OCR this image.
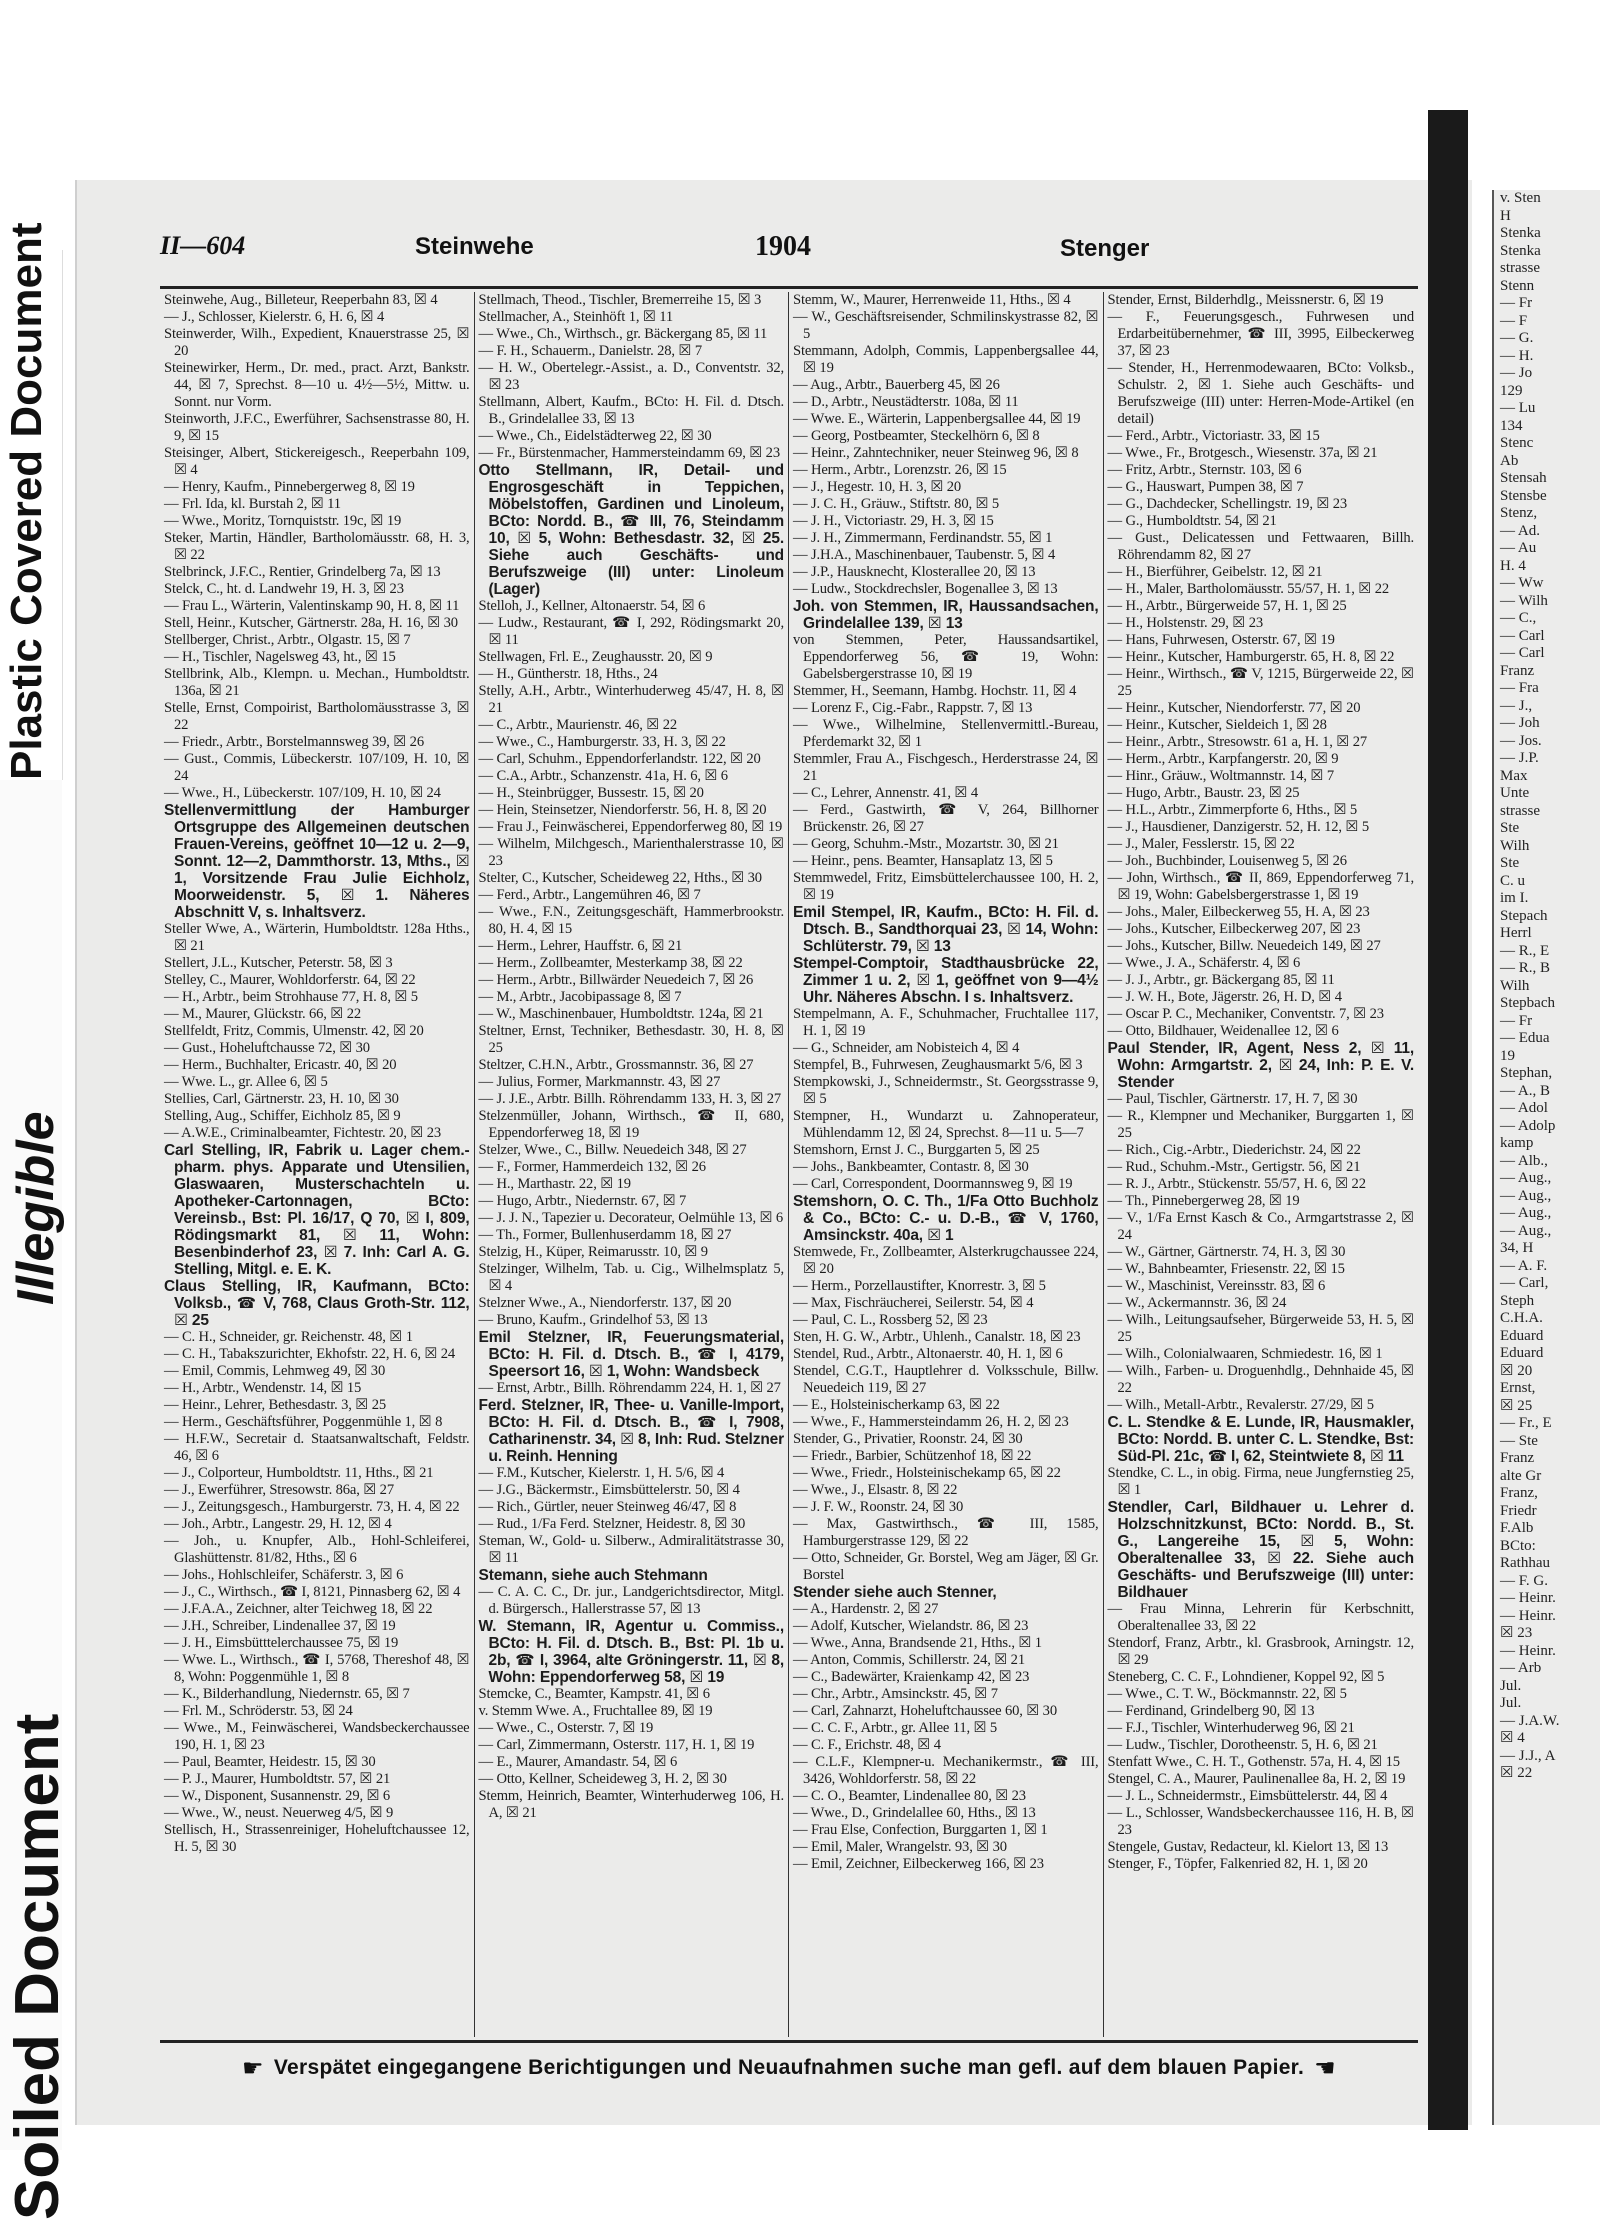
Plastic Covered Document
Illegible
Soiled Document
v. Sten
H
Stenka
Stenka
strasse
Stenn
— Fr
— F
— G.
— H.
— Jo
129
— Lu
134
Stenc
Ab
Stensah
Stensbe
Stenz,
— Ad.
— Au
H. 4
— Ww
— Wilh
— C.,
— Carl
— Carl
Franz
— Fra
— J.,
— Joh
— Jos.
— J.P.
Max
Unte
strasse
Ste
Wilh
Ste
C. u
im I.
Stepach
Herrl
— R., E
— R., B
Wilh
Stepbach
— Fr
— Edua
19
Stephan,
— A., B
— Adol
— Adolp
kamp
— Alb.,
— Aug.,
— Aug.,
— Aug.,
— Aug.,
34, H
— A. F.
— Carl,
Steph
C.H.A.
Eduard
Eduard
☒ 20
Ernst,
☒ 25
— Fr., E
— Ste
Franz
alte Gr
Franz,
Friedr
F.Alb
BCto:
Rathhau
— F. G.
— Heinr.
— Heinr.
☒ 23
— Heinr.
— Arb
Jul.
Jul.
— J.A.W.
☒ 4
— J.J., A
☒ 22
II—604	Steinwehe	1904	Stenger

Steinwehe, Aug., Billeteur, Reeperbahn 83, ☒ 4

— J., Schlosser, Kielerstr. 6, H. 6, ☒ 4

Steinwerder, Wilh., Expedient, Knauerstrasse 25, ☒ 20

Steinewirker, Herm., Dr. med., pract. Arzt, Bankstr. 44, ☒ 7, Sprechst. 8—10 u. 4½—5½, Mittw. u. Sonnt. nur Vorm.

Steinworth, J.F.C., Ewerführer, Sachsenstrasse 80, H. 9, ☒ 15

Steisinger, Albert, Stickereigesch., Reeperbahn 109, ☒ 4

— Henry, Kaufm., Pinnebergerweg 8, ☒ 19

— Frl. Ida, kl. Burstah 2, ☒ 11

— Wwe., Moritz, Tornquiststr. 19c, ☒ 19

Steker, Martin, Händler, Bartholomäusstr. 68, H. 3, ☒ 22

Stelbrinck, J.F.C., Rentier, Grindelberg 7a, ☒ 13

Stelck, C., ht. d. Landwehr 19, H. 3, ☒ 23

— Frau L., Wärterin, Valentinskamp 90, H. 8, ☒ 11

Stell, Heinr., Kutscher, Gärtnerstr. 28a, H. 16, ☒ 30

Stellberger, Christ., Arbtr., Olgastr. 15, ☒ 7

— H., Tischler, Nagelsweg 43, ht., ☒ 15

Stellbrink, Alb., Klempn. u. Mechan., Humboldtstr. 136a, ☒ 21

Stelle, Ernst, Compoirist, Bartholomäusstrasse 3, ☒ 22

— Friedr., Arbtr., Borstelmannsweg 39, ☒ 26

— Gust., Commis, Lübeckerstr. 107/109, H. 10, ☒ 24

— Wwe., H., Lübeckerstr. 107/109, H. 10, ☒ 24

Stellenvermittlung der Hamburger Ortsgruppe des Allgemeinen deutschen Frauen-Vereins, geöffnet 10—12 u. 2—9, Sonnt. 12—2, Dammthorstr. 13, Mths., ☒ 1, Vorsitzende Frau Julie Eichholz, Moorweidenstr. 5, ☒ 1. Näheres Abschnitt V, s. Inhaltsverz.

Steller Wwe, A., Wärterin, Humboldtstr. 128a Hths., ☒ 21

Stellert, J.L., Kutscher, Peterstr. 58, ☒ 3

Stelley, C., Maurer, Wohldorferstr. 64, ☒ 22

— H., Arbtr., beim Strohhause 77, H. 8, ☒ 5

— M., Maurer, Glückstr. 66, ☒ 22

Stellfeldt, Fritz, Commis, Ulmenstr. 42, ☒ 20

— Gust., Hoheluftchausse 72, ☒ 30

— Herm., Buchhalter, Ericastr. 40, ☒ 20

— Wwe. L., gr. Allee 6, ☒ 5

Stellies, Carl, Gärtnerstr. 23, H. 10, ☒ 30

Stelling, Aug., Schiffer, Eichholz 85, ☒ 9

— A.W.E., Criminalbeamter, Fichtestr. 20, ☒ 23

Carl Stelling, IR, Fabrik u. Lager chem.-pharm. phys. Apparate und Utensilien, Glaswaaren, Musterschachteln u. Apotheker-Cartonnagen, BCto: Vereinsb., Bst: Pl. 16/17, Q 70, ☒ I, 809, Rödingsmarkt 81, ☒ 11, Wohn: Besenbinderhof 23, ☒ 7. Inh: Carl A. G. Stelling, Mitgl. e. E. K.

Claus Stelling, IR, Kaufmann, BCto: Volksb., ☎ V, 768, Claus Groth-Str. 112, ☒ 25

— C. H., Schneider, gr. Reichenstr. 48, ☒ 1

— C. H., Tabakszurichter, Ekhofstr. 22, H. 6, ☒ 24

— Emil, Commis, Lehmweg 49, ☒ 30

— H., Arbtr., Wendenstr. 14, ☒ 15

— Heinr., Lehrer, Bethesdastr. 3, ☒ 25

— Herm., Geschäftsführer, Poggenmühle 1, ☒ 8

— H.F.W., Secretair d. Staatsanwaltschaft, Feldstr. 46, ☒ 6

— J., Colporteur, Humboldtstr. 11, Hths., ☒ 21

— J., Ewerführer, Stresowstr. 86a, ☒ 27

— J., Zeitungsgesch., Hamburgerstr. 73, H. 4, ☒ 22

— Joh., Arbtr., Langestr. 29, H. 12, ☒ 4

— Joh., u. Knupfer, Alb., Hohl-Schleiferei, Glashüttenstr. 81/82, Hths., ☒ 6

— Johs., Hohlschleifer, Schäferstr. 3, ☒ 6

— J., C., Wirthsch., ☎ I, 8121, Pinnasberg 62, ☒ 4

— J.F.A.A., Zeichner, alter Teichweg 18, ☒ 22

— J.H., Schreiber, Lindenallee 37, ☒ 19

— J. H., Eimsbütttelerchaussee 75, ☒ 19

— Wwe. L., Wirthsch., ☎ I, 5768, Thereshof 48, ☒ 8, Wohn: Poggenmühle 1, ☒ 8

— K., Bilderhandlung, Niedernstr. 65, ☒ 7

— Frl. M., Schröderstr. 53, ☒ 24

— Wwe., M., Feinwäscherei, Wandsbeckerchaussee 190, H. 1, ☒ 23

— Paul, Beamter, Heidestr. 15, ☒ 30

— P. J., Maurer, Humboldtstr. 57, ☒ 21

— W., Disponent, Susannenstr. 29, ☒ 6

— Wwe., W., neust. Neuerweg 4/5, ☒ 9

Stellisch, H., Strassenreiniger, Hoheluftchaussee 12, H. 5, ☒ 30

Stellmach, Theod., Tischler, Bremerreihe 15, ☒ 3

Stellmacher, A., Steinhöft 1, ☒ 11

— Wwe., Ch., Wirthsch., gr. Bäckergang 85, ☒ 11

— F. H., Schauerm., Danielstr. 28, ☒ 7

— H. W., Obertelegr.-Assist., a. D., Conventstr. 32, ☒ 23

Stellmann, Albert, Kaufm., BCto: H. Fil. d. Dtsch. B., Grindelallee 33, ☒ 13

— Wwe., Ch., Eidelstädterweg 22, ☒ 30

— Fr., Bürstenmacher, Hammersteindamm 69, ☒ 23

Otto Stellmann, IR, Detail- und Engrosgeschäft in Teppichen, Möbelstoffen, Gardinen und Linoleum, BCto: Nordd. B., ☎ III, 76, Steindamm 10, ☒ 5, Wohn: Bethesdastr. 32, ☒ 25. Siehe auch Geschäfts- und Berufszweige (III) unter: Linoleum (Lager)

Stelloh, J., Kellner, Altonaerstr. 54, ☒ 6

— Ludw., Restaurant, ☎ I, 292, Rödingsmarkt 20, ☒ 11

Stellwagen, Frl. E., Zeughausstr. 20, ☒ 9

— H., Güntherstr. 18, Hths., 24

Stelly, A.H., Arbtr., Winterhuderweg 45/47, H. 8, ☒ 21

— C., Arbtr., Maurienstr. 46, ☒ 22

— Wwe., C., Hamburgerstr. 33, H. 3, ☒ 22

— Carl, Schuhm., Eppendorferlandstr. 122, ☒ 20

— C.A., Arbtr., Schanzenstr. 41a, H. 6, ☒ 6

— H., Steinbrügger, Bussestr. 15, ☒ 20

— Hein, Steinsetzer, Niendorferstr. 56, H. 8, ☒ 20

— Frau J., Feinwäscherei, Eppendorferweg 80, ☒ 19

— Wilhelm, Milchgesch., Marienthalerstrasse 10, ☒ 23

Stelter, C., Kutscher, Scheideweg 22, Hths., ☒ 30

— Ferd., Arbtr., Langemühren 46, ☒ 7

— Wwe., F.N., Zeitungsgeschäft, Hammerbrookstr. 80, H. 4, ☒ 15

— Herm., Lehrer, Hauffstr. 6, ☒ 21

— Herm., Zollbeamter, Mesterkamp 38, ☒ 22

— Herm., Arbtr., Billwärder Neuedeich 7, ☒ 26

— M., Arbtr., Jacobipassage 8, ☒ 7

— W., Maschinenbauer, Humboldtstr. 124a, ☒ 21

Steltner, Ernst, Techniker, Bethesdastr. 30, H. 8, ☒ 25

Steltzer, C.H.N., Arbtr., Grossmannstr. 36, ☒ 27

— Julius, Former, Markmannstr. 43, ☒ 27

— J. J.E., Arbtr. Billh. Röhrendamm 133, H. 3, ☒ 27

Stelzenmüller, Johann, Wirthsch., ☎ II, 680, Eppendorferweg 18, ☒ 19

Stelzer, Wwe., C., Billw. Neuedeich 348, ☒ 27

— F., Former, Hammerdeich 132, ☒ 26

— H., Marthastr. 22, ☒ 19

— Hugo, Arbtr., Niedernstr. 67, ☒ 7

— J. J. N., Tapezier u. Decorateur, Oelmühle 13, ☒ 6

— Th., Former, Bullenhuserdamm 18, ☒ 27

Stelzig, H., Küper, Reimarusstr. 10, ☒ 9

Stelzinger, Wilhelm, Tab. u. Cig., Wilhelmsplatz 5, ☒ 4

Stelzner Wwe., A., Niendorferstr. 137, ☒ 20

— Bruno, Kaufm., Grindelhof 53, ☒ 13

Emil Stelzner, IR, Feuerungsmaterial, BCto: H. Fil. d. Dtsch. B., ☎ I, 4179, Speersort 16, ☒ 1, Wohn: Wandsbeck

— Ernst, Arbtr., Billh. Röhrendamm 224, H. 1, ☒ 27

Ferd. Stelzner, IR, Thee- u. Vanille-Import, BCto: H. Fil. d. Dtsch. B., ☎ I, 7908, Catharinenstr. 34, ☒ 8, Inh: Rud. Stelzner u. Reinh. Henning

— F.M., Kutscher, Kielerstr. 1, H. 5/6, ☒ 4

— J.G., Bäckermstr., Eimsbüttelerstr. 50, ☒ 4

— Rich., Gürtler, neuer Steinweg 46/47, ☒ 8

— Rud., 1/Fa Ferd. Stelzner, Heidestr. 8, ☒ 30

Steman, W., Gold- u. Silberw., Admiralitätstrasse 30, ☒ 11

Stemann, siehe auch Stehmann

— C. A. C. C., Dr. jur., Landgerichtsdirector, Mitgl. d. Bürgersch., Hallerstrasse 57, ☒ 13

W. Stemann, IR, Agentur u. Commiss., BCto: H. Fil. d. Dtsch. B., Bst: Pl. 1b u. 2b, ☎ I, 3964, alte Gröningerstr. 11, ☒ 8, Wohn: Eppendorferweg 58, ☒ 19

Stemcke, C., Beamter, Kampstr. 41, ☒ 6

v. Stemm Wwe. A., Fruchtallee 89, ☒ 19

— Wwe., C., Osterstr. 7, ☒ 19

— Carl, Zimmermann, Osterstr. 117, H. 1, ☒ 19

— E., Maurer, Amandastr. 54, ☒ 6

— Otto, Kellner, Scheideweg 3, H. 2, ☒ 30

Stemm, Heinrich, Beamter, Winterhuderweg 106, H. A, ☒ 21

Stemm, W., Maurer, Herrenweide 11, Hths., ☒ 4

— W., Geschäftsreisender, Schmilinskystrasse 82, ☒ 5

Stemmann, Adolph, Commis, Lappenbergsallee 44, ☒ 19

— Aug., Arbtr., Bauerberg 45, ☒ 26

— D., Arbtr., Neustädterstr. 108a, ☒ 11

— Wwe. E., Wärterin, Lappenbergsallee 44, ☒ 19

— Georg, Postbeamter, Steckelhörn 6, ☒ 8

— Heinr., Zahntechniker, neuer Steinweg 96, ☒ 8

— Herm., Arbtr., Lorenzstr. 26, ☒ 15

— J., Hegestr. 10, H. 3, ☒ 20

— J. C. H., Gräuw., Stiftstr. 80, ☒ 5

— J. H., Victoriastr. 29, H. 3, ☒ 15

— J. H., Zimmermann, Ferdinandstr. 55, ☒ 1

— J.H.A., Maschinenbauer, Taubenstr. 5, ☒ 4

— J.P., Hausknecht, Klosterallee 20, ☒ 13

— Ludw., Stockdrechsler, Bogenallee 3, ☒ 13

Joh. von Stemmen, IR, Haussandsachen, Grindelallee 139, ☒ 13

von Stemmen, Peter, Haussandsartikel, Eppendorferweg 56, ☎ 19, Wohn: Gabelsbergerstrasse 10, ☒ 19

Stemmer, H., Seemann, Hambg. Hochstr. 11, ☒ 4

— Lorenz F., Cig.-Fabr., Rappstr. 7, ☒ 13

— Wwe., Wilhelmine, Stellenvermittl.-Bureau, Pferdemarkt 32, ☒ 1

Stemmler, Frau A., Fischgesch., Herderstrasse 24, ☒ 21

— C., Lehrer, Annenstr. 41, ☒ 4

— Ferd., Gastwirth, ☎ V, 264, Billhorner Brückenstr. 26, ☒ 27

— Georg, Schuhm.-Mstr., Mozartstr. 30, ☒ 21

— Heinr., pens. Beamter, Hansaplatz 13, ☒ 5

Stemmwedel, Fritz, Eimsbüttelerchaussee 100, H. 2, ☒ 19

Emil Stempel, IR, Kaufm., BCto: H. Fil. d. Dtsch. B., Sandthorquai 23, ☒ 14, Wohn: Schlüterstr. 79, ☒ 13

Stempel-Comptoir, Stadthausbrücke 22, Zimmer 1 u. 2, ☒ 1, geöffnet von 9—4½ Uhr. Näheres Abschn. I s. Inhaltsverz.

Stempelmann, A. F., Schuhmacher, Fruchtallee 117, H. 1, ☒ 19

— G., Schneider, am Nobisteich 4, ☒ 4

Stempfel, B., Fuhrwesen, Zeughausmarkt 5/6, ☒ 3

Stempkowski, J., Schneidermstr., St. Georgsstrasse 9, ☒ 5

Stempner, H., Wundarzt u. Zahnoperateur, Mühlendamm 12, ☒ 24, Sprechst. 8—11 u. 5—7

Stemshorn, Ernst J. C., Burggarten 5, ☒ 25

— Johs., Bankbeamter, Contastr. 8, ☒ 30

— Carl, Correspondent, Doormannsweg 9, ☒ 19

Stemshorn, O. C. Th., 1/Fa Otto Buchholz & Co., BCto: C.- u. D.-B., ☎ V, 1760, Amsinckstr. 40a, ☒ 1

Stemwede, Fr., Zollbeamter, Alsterkrugchaussee 224, ☒ 20

— Herm., Porzellaustifter, Knorrestr. 3, ☒ 5

— Max, Fischräucherei, Seilerstr. 54, ☒ 4

— Paul, C. L., Rossberg 52, ☒ 23

Sten, H. G. W., Arbtr., Uhlenh., Canalstr. 18, ☒ 23

Stendel, Rud., Arbtr., Altonaerstr. 40, H. 1, ☒ 6

Stendel, C.G.T., Hauptlehrer d. Volksschule, Billw. Neuedeich 119, ☒ 27

— E., Holsteinischerkamp 63, ☒ 22

— Wwe., F., Hammersteindamm 26, H. 2, ☒ 23

Stender, G., Privatier, Roonstr. 24, ☒ 30

— Friedr., Barbier, Schützenhof 18, ☒ 22

— Wwe., Friedr., Holsteinischekamp 65, ☒ 22

— Wwe., J., Elsastr. 8, ☒ 22

— J. F. W., Roonstr. 24, ☒ 30

— Max, Gastwirthsch., ☎ III, 1585, Hamburgerstrasse 129, ☒ 22

— Otto, Schneider, Gr. Borstel, Weg am Jäger, ☒ Gr. Borstel

Stender siehe auch Stenner,

— A., Hardenstr. 2, ☒ 27

— Adolf, Kutscher, Wielandstr. 86, ☒ 23

— Wwe., Anna, Brandsende 21, Hths., ☒ 1

— Anton, Commis, Schillerstr. 24, ☒ 21

— C., Badewärter, Kraienkamp 42, ☒ 23

— Chr., Arbtr., Amsinckstr. 45, ☒ 7

— Carl, Zahnarzt, Hoheluftchaussee 60, ☒ 30

— C. C. F., Arbtr., gr. Allee 11, ☒ 5

— C. F., Erichstr. 48, ☒ 4

— C.L.F., Klempner-u. Mechanikermstr., ☎ III, 3426, Wohldorferstr. 58, ☒ 22

— C. O., Beamter, Lindenallee 80, ☒ 23

— Wwe., D., Grindelallee 60, Hths., ☒ 13

— Frau Else, Confection, Burggarten 1, ☒ 1

— Emil, Maler, Wrangelstr. 93, ☒ 30

— Emil, Zeichner, Eilbeckerweg 166, ☒ 23

Stender, Ernst, Bilderhdlg., Meissnerstr. 6, ☒ 19

— F., Feuerungsgesch., Fuhrwesen und Erdarbeitübernehmer, ☎ III, 3995, Eilbeckerweg 37, ☒ 23

— Stender, H., Herrenmodewaaren, BCto: Volksb., Schulstr. 2, ☒ 1. Siehe auch Geschäfts- und Berufszweige (III) unter: Herren-Mode-Artikel (en detail)

— Ferd., Arbtr., Victoriastr. 33, ☒ 15

— Wwe., Fr., Brotgesch., Wiesenstr. 37a, ☒ 21

— Fritz, Arbtr., Sternstr. 103, ☒ 6

— G., Hauswart, Pumpen 38, ☒ 7

— G., Dachdecker, Schellingstr. 19, ☒ 23

— G., Humboldtstr. 54, ☒ 21

— Gust., Delicatessen und Fettwaaren, Billh. Röhrendamm 82, ☒ 27

— H., Bierführer, Geibelstr. 12, ☒ 21

— H., Maler, Bartholomäusstr. 55/57, H. 1, ☒ 22

— H., Arbtr., Bürgerweide 57, H. 1, ☒ 25

— H., Holstenstr. 29, ☒ 23

— Hans, Fuhrwesen, Osterstr. 67, ☒ 19

— Heinr., Kutscher, Hamburgerstr. 65, H. 8, ☒ 22

— Heinr., Wirthsch., ☎ V, 1215, Bürgerweide 22, ☒ 25

— Heinr., Kutscher, Niendorferstr. 77, ☒ 20

— Heinr., Kutscher, Sieldeich 1, ☒ 28

— Heinr., Arbtr., Stresowstr. 61 a, H. 1, ☒ 27

— Herm., Arbtr., Karpfangerstr. 20, ☒ 9

— Hinr., Gräuw., Woltmannstr. 14, ☒ 7

— Hugo, Arbtr., Baustr. 23, ☒ 25

— H.L., Arbtr., Zimmerpforte 6, Hths., ☒ 5

— J., Hausdiener, Danzigerstr. 52, H. 12, ☒ 5

— J., Maler, Fesslerstr. 15, ☒ 22

— Joh., Buchbinder, Louisenweg 5, ☒ 26

— John, Wirthsch., ☎ II, 869, Eppendorferweg 71, ☒ 19, Wohn: Gabelsbergerstrasse 1, ☒ 19

— Johs., Maler, Eilbeckerweg 55, H. A, ☒ 23

— Johs., Kutscher, Eilbeckerweg 207, ☒ 23

— Johs., Kutscher, Billw. Neuedeich 149, ☒ 27

— Wwe., J. A., Schäferstr. 4, ☒ 6

— J. J., Arbtr., gr. Bäckergang 85, ☒ 11

— J. W. H., Bote, Jägerstr. 26, H. D, ☒ 4

— Oscar P. C., Mechaniker, Conventstr. 7, ☒ 23

— Otto, Bildhauer, Weidenallee 12, ☒ 6

Paul Stender, IR, Agent, Ness 2, ☒ 11, Wohn: Armgartstr. 2, ☒ 24, Inh: P. E. V. Stender

— Paul, Tischler, Gärtnerstr. 17, H. 7, ☒ 30

— R., Klempner und Mechaniker, Burggarten 1, ☒ 25

— Rich., Cig.-Arbtr., Diederichstr. 24, ☒ 22

— Rud., Schuhm.-Mstr., Gertigstr. 56, ☒ 21

— R. J., Arbtr., Stückenstr. 55/57, H. 6, ☒ 22

— Th., Pinnebergerweg 28, ☒ 19

— V., 1/Fa Ernst Kasch & Co., Armgartstrasse 2, ☒ 24

— W., Gärtner, Gärtnerstr. 74, H. 3, ☒ 30

— W., Bahnbeamter, Friesenstr. 22, ☒ 15

— W., Maschinist, Vereinsstr. 83, ☒ 6

— W., Ackermannstr. 36, ☒ 24

— Wilh., Leitungsaufseher, Bürgerweide 53, H. 5, ☒ 25

— Wilh., Colonialwaaren, Schmiedestr. 16, ☒ 1

— Wilh., Farben- u. Droguenhdlg., Dehnhaide 45, ☒ 22

— Wilh., Metall-Arbtr., Revalerstr. 27/29, ☒ 5

C. L. Stendke & E. Lunde, IR, Hausmakler, BCto: Nordd. B. unter C. L. Stendke, Bst: Süd-Pl. 21c, ☎ I, 62, Steintwiete 8, ☒ 11

Stendke, C. L., in obig. Firma, neue Jungfernstieg 25, ☒ 1

Stendler, Carl, Bildhauer u. Lehrer d. Holzschnitzkunst, BCto: Nordd. B., St. G., Langereihe 15, ☒ 5, Wohn: Oberaltenallee 33, ☒ 22. Siehe auch Geschäfts- und Berufszweige (III) unter: Bildhauer

— Frau Minna, Lehrerin für Kerbschnitt, Oberaltenallee 33, ☒ 22

Stendorf, Franz, Arbtr., kl. Grasbrook, Arningstr. 12, ☒ 29

Steneberg, C. C. F., Lohndiener, Koppel 92, ☒ 5

— Wwe., C. T. W., Böckmannstr. 22, ☒ 5

— Ferdinand, Grindelberg 90, ☒ 13

— F.J., Tischler, Winterhuderweg 96, ☒ 21

— Ludw., Tischler, Dorotheenstr. 5, H. 6, ☒ 21

Stenfatt Wwe., C. H. T., Gothenstr. 57a, H. 4, ☒ 15

Stengel, C. A., Maurer, Paulinenallee 8a, H. 2, ☒ 19

— J. L., Schneidermstr., Eimsbüttelerstr. 44, ☒ 4

— L., Schlosser, Wandsbeckerchaussee 116, H. B, ☒ 23

Stengele, Gustav, Redacteur, kl. Kielort 13, ☒ 13

Stenger, F., Töpfer, Falkenried 82, H. 1, ☒ 20

☛ Verspätet eingegangene Berichtigungen und Neuaufnahmen suche man gefl. auf dem blauen Papier. ☚
